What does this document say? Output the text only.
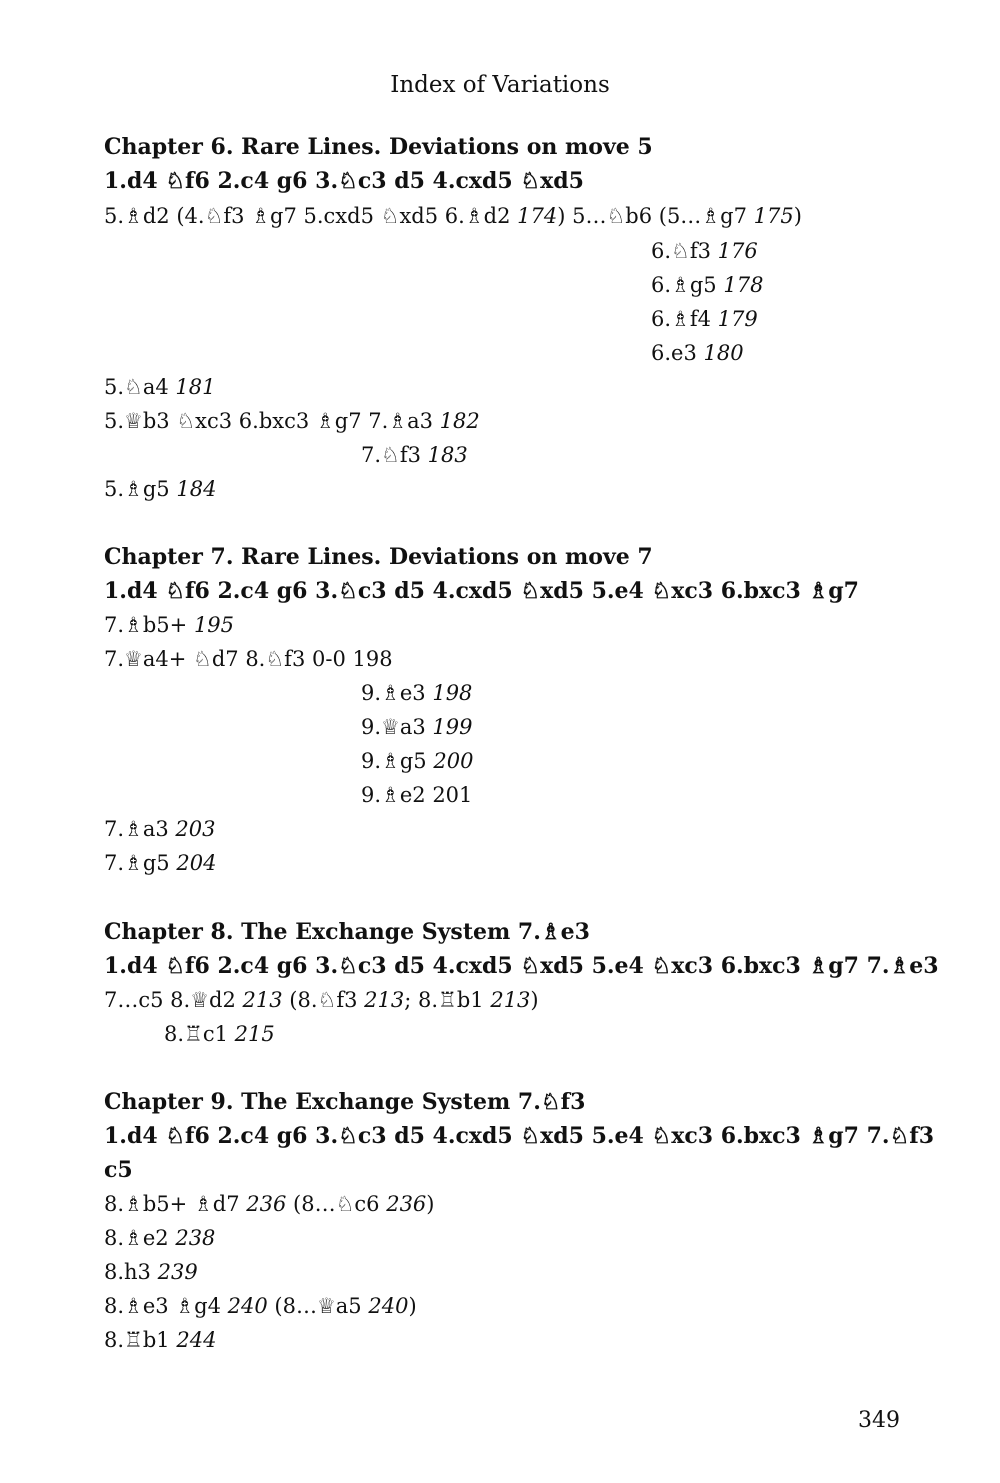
Index of Variations
Chapter 6. Rare Lines. Deviations on move 5
1.d4 ♘f6 2.c4 g6 3.♘c3 d5 4.cxd5 ♘xd5
5.♗d2 (4.♘f3 ♗g7 5.cxd5 ♘xd5 6.♗d2 174) 5…♘b6 (5…♗g7 175)
6.♘f3 176
6.♗g5 178
6.♗f4 179
6.e3 180
5.♘a4 181
5.♕b3 ♘xc3 6.bxc3 ♗g7 7.♗a3 182
7.♘f3 183
5.♗g5 184
Chapter 7. Rare Lines. Deviations on move 7
1.d4 ♘f6 2.c4 g6 3.♘c3 d5 4.cxd5 ♘xd5 5.e4 ♘xc3 6.bxc3 ♗g7
7.♗b5+ 195
7.♕a4+ ♘d7 8.♘f3 0-0 198
9.♗e3 198
9.♕a3 199
9.♗g5 200
9.♗e2 201
7.♗a3 203
7.♗g5 204
Chapter 8. The Exchange System 7.♗e3
1.d4 ♘f6 2.c4 g6 3.♘c3 d5 4.cxd5 ♘xd5 5.e4 ♘xc3 6.bxc3 ♗g7 7.♗e3
7…c5 8.♕d2 213 (8.♘f3 213; 8.♖b1 213)
8.♖c1 215
Chapter 9. The Exchange System 7.♘f3
1.d4 ♘f6 2.c4 g6 3.♘c3 d5 4.cxd5 ♘xd5 5.e4 ♘xc3 6.bxc3 ♗g7 7.♘f3
c5
8.♗b5+ ♗d7 236 (8…♘c6 236)
8.♗e2 238
8.h3 239
8.♗e3 ♗g4 240 (8…♕a5 240)
8.♖b1 244
349
